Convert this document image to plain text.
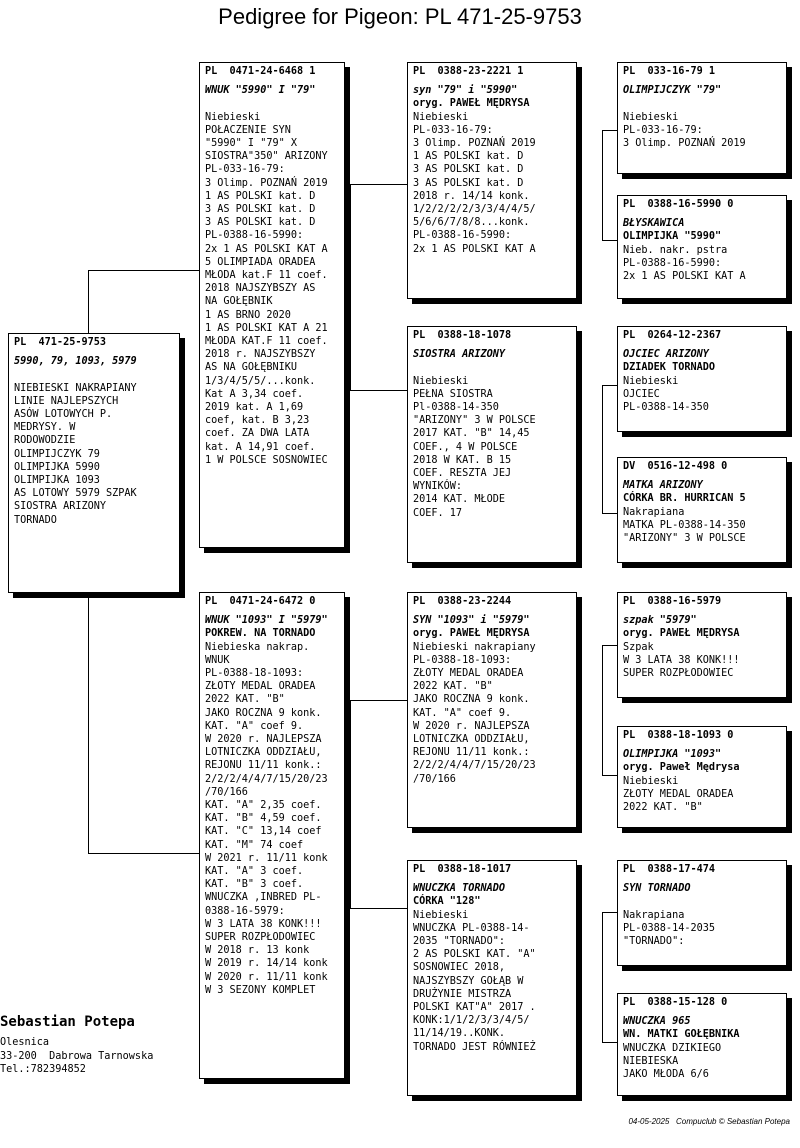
Pedigree for Pigeon: PL 471-25-9753
PL  471-25-9753
5990, 79, 1093, 5979
NIEBIESKI NAKRAPIANY
LINIE NAJLEPSZYCH
ASÓW LOTOWYCH P.
MEDRYSY. W
RODOWODZIE
OLIMPIJCZYK 79
OLIMPIJKA 5990
OLIMPIJKA 1093
AS LOTOWY 5979 SZPAK
SIOSTRA ARIZONY
TORNADO
PL  0471-24-6468 1
WNUK "5990" I "79"
Niebieski
POŁACZENIE SYN
"5990" I "79" X
SIOSTRA"350" ARIZONY
PL-033-16-79:
3 Olimp. POZNAŃ 2019
1 AS POLSKI kat. D
3 AS POLSKI kat. D
3 AS POLSKI kat. D
PL-0388-16-5990:
2x 1 AS POLSKI KAT A
5 OLIMPIADA ORADEA
MŁODA kat.F 11 coef.
2018 NAJSZYBSZY AS
NA GOŁĘBNIK
1 AS BRNO 2020
1 AS POLSKI KAT A 21
MŁODA KAT.F 11 coef.
2018 r. NAJSZYBSZY
AS NA GOŁĘBNIKU
1/3/4/5/5/...konk.
Kat A 3,34 coef.
2019 kat. A 1,69
coef, kat. B 3,23
coef. ZA DWA LATA
kat. A 14,91 coef.
1 W POLSCE SOSNOWIEC
PL  0471-24-6472 0
WNUK "1093" I "5979"
POKREW. NA TORNADO
Niebieska nakrap.
WNUK
PL-0388-18-1093:
ZŁOTY MEDAL ORADEA
2022 KAT. "B"
JAKO ROCZNA 9 konk.
KAT. "A" coef 9.
W 2020 r. NAJLEPSZA
LOTNICZKA ODDZIAŁU,
REJONU 11/11 konk.:
2/2/2/4/4/7/15/20/23
/70/166
KAT. "A" 2,35 coef.
KAT. "B" 4,59 coef.
KAT. "C" 13,14 coef
KAT. "M" 74 coef
W 2021 r. 11/11 konk
KAT. "A" 3 coef.
KAT. "B" 3 coef.
WNUCZKA ,INBRED PL-
0388-16-5979:
W 3 LATA 38 KONK!!!
SUPER ROZPŁODOWIEC
W 2018 r. 13 konk
W 2019 r. 14/14 konk
W 2020 r. 11/11 konk
W 3 SEZONY KOMPLET
PL  0388-23-2221 1
syn "79" i "5990"
oryg. PAWEŁ MĘDRYSA
Niebieski
PL-033-16-79:
3 Olimp. POZNAŃ 2019
1 AS POLSKI kat. D
3 AS POLSKI kat. D
3 AS POLSKI kat. D
2018 r. 14/14 konk.
1/2/2/2/2/3/3/4/4/5/
5/6/6/7/8/8...konk.
PL-0388-16-5990:
2x 1 AS POLSKI KAT A
PL  0388-18-1078
SIOSTRA ARIZONY
Niebieski
PEŁNA SIOSTRA
Pl-0388-14-350
"ARIZONY" 3 W POLSCE
2017 KAT. "B" 14,45
COEF., 4 W POLSCE
2018 W KAT. B 15
COEF. RESZTA JEJ
WYNIKÓW:
2014 KAT. MŁODE
COEF. 17
PL  0388-23-2244
SYN "1093" i "5979"
oryg. PAWEŁ MĘDRYSA
Niebieski nakrapiany
PL-0388-18-1093:
ZŁOTY MEDAL ORADEA
2022 KAT. "B"
JAKO ROCZNA 9 konk.
KAT. "A" coef 9.
W 2020 r. NAJLEPSZA
LOTNICZKA ODDZIAŁU,
REJONU 11/11 konk.:
2/2/2/4/4/7/15/20/23
/70/166
PL  0388-18-1017
WNUCZKA TORNADO
CÓRKA "128"
Niebieski
WNUCZKA PL-0388-14-
2035 "TORNADO":
2 AS POLSKI KAT. "A"
SOSNOWIEC 2018,
NAJSZYBSZY GOŁĄB W
DRUŻYNIE MISTRZA
POLSKI KAT"A" 2017 .
KONK:1/1/2/3/3/4/5/
11/14/19..KONK.
TORNADO JEST RÓWNIEŻ
PL  033-16-79 1
OLIMPIJCZYK "79"
Niebieski
PL-033-16-79:
3 Olimp. POZNAŃ 2019
PL  0388-16-5990 0
BŁYSKAWICA
OLIMPIJKA "5990"
Nieb. nakr. pstra
PL-0388-16-5990:
2x 1 AS POLSKI KAT A
PL  0264-12-2367
OJCIEC ARIZONY
DZIADEK TORNADO
Niebieski
OJCIEC
PL-0388-14-350
DV  0516-12-498 0
MATKA ARIZONY
CÓRKA BR. HURRICAN 5
Nakrapiana
MATKA PL-0388-14-350
"ARIZONY" 3 W POLSCE
PL  0388-16-5979
szpak "5979"
oryg. PAWEŁ MĘDRYSA
Szpak
W 3 LATA 38 KONK!!!
SUPER ROZPŁODOWIEC
PL  0388-18-1093 0
OLIMPIJKA "1093"
oryg. Paweł Mędrysa
Niebieski
ZŁOTY MEDAL ORADEA
2022 KAT. "B"
PL  0388-17-474
SYN TORNADO
Nakrapiana
PL-0388-14-2035
"TORNADO":
PL  0388-15-128 0
WNUCZKA 965
WN. MATKI GOŁĘBNIKA
WNUCZKA DZIKIEGO
NIEBIESKA
JAKO MŁODA 6/6
Sebastian Potepa
Olesnica
33-200  Dabrowa Tarnowska
Tel.:782394852
04-05-2025   Compuclub © Sebastian Potepa
